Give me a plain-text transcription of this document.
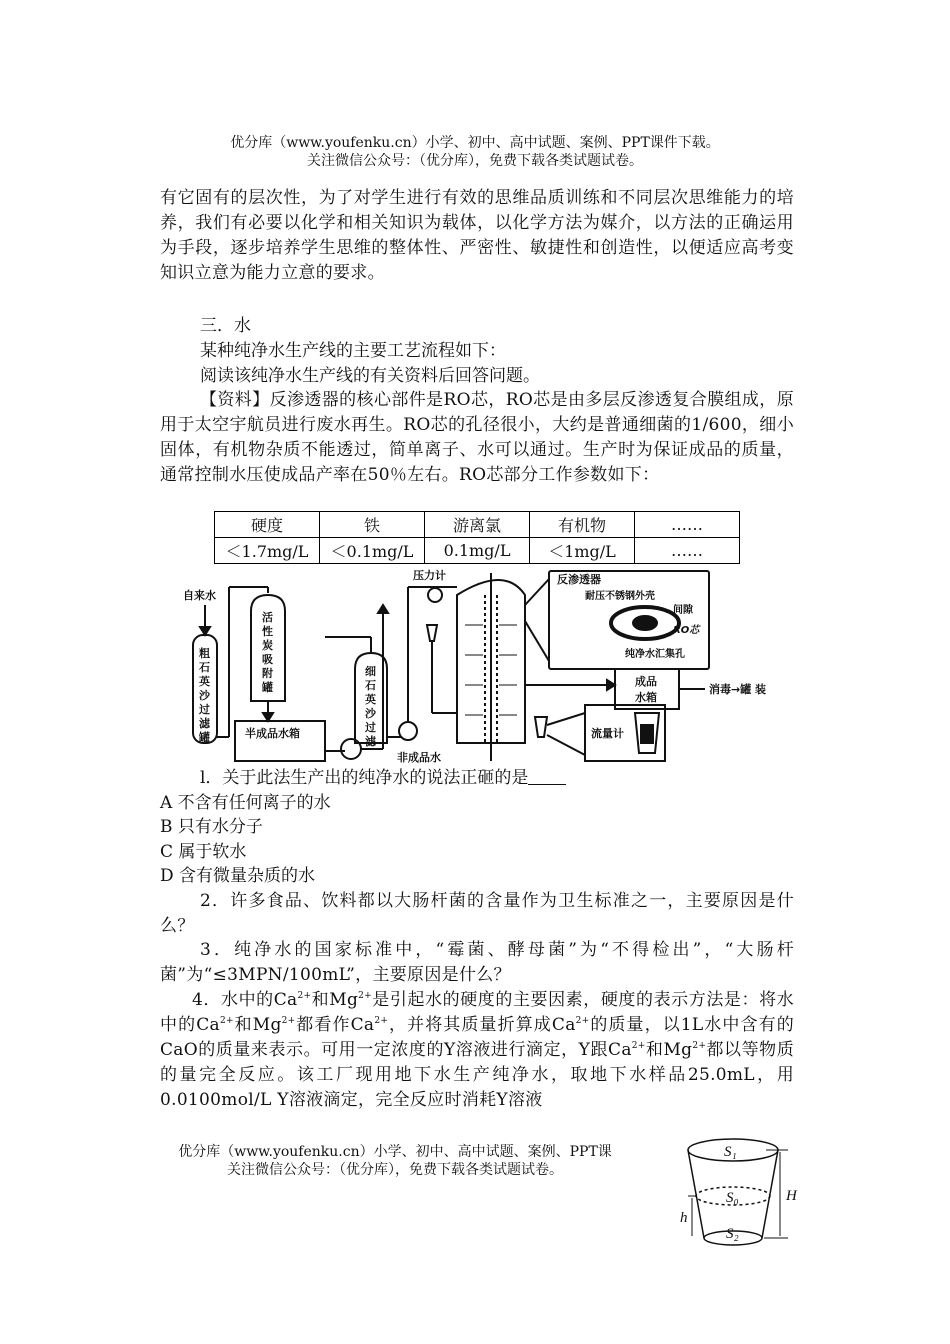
优分库（www.youfenku.cn）小学、初中、高中试题、案例、PPT课件下载。
关注微信公众号：（优分库），免费下载各类试题试卷。
有它固有的层次性，为了对学生进行有效的思维品质训练和不同层次思维能力的培养，我们有必要以化学和相关知识为载体，以化学方法为媒介，以方法的正确运用为手段，逐步培养学生思维的整体性、严密性、敏捷性和创造性，以便适应高考变知识立意为能力立意的要求。
三．水
某种纯净水生产线的主要工艺流程如下：
阅读该纯净水生产线的有关资料后回答问题。
【资料】反渗透器的核心部件是RO芯，RO芯是由多层反渗透复合膜组成，原用于太空宇航员进行废水再生。RO芯的孔径很小，大约是普通细菌的1/600，细小固体，有机物杂质不能透过，简单离子、水可以通过。生产时为保证成品的质量，通常控制水压使成品产率在50％左右。RO芯部分工作参数如下：
硬度	铁	游离氯	有机物	……
＜1.7mg/L	＜0.1mg/L	0.1mg/L	＜1mg/L	……
自来水
粗石英 沙过滤罐
活性炭 吸附罐
半成品水箱
细石英 沙过滤
压力计
非成品水
反渗透器
耐压不锈钢外壳
间隙
RO芯
纯净水汇集孔
成品水箱
消毒→罐 装
流量计
l．关于此法生产出的纯净水的说法正砸的是
A 不含有任何离子的水
B 只有水分子
C 属于软水
D 含有微量杂质的水
2．许多食品、饮料都以大肠杆菌的含量作为卫生标准之一，主要原因是什么？
3．纯净水的国家标准中，“霉菌、酵母菌”为“不得检出”，“大肠杆菌”为“≤3MPN/100mL”，主要原因是什么？
4．水中的$Ca^{2+}$和$Mg^{2+}$是引起水的硬度的主要因素，硬度的表示方法是：将水中的$Ca^{2+}$和$Mg^{2+}$都看作$Ca^{2+}$，并将其质量折算成$Ca^{2+}$的质量，以1L水中含有的CaO的质量来表示。可用一定浓度的Y溶液进行滴定，Y跟$Ca^{2+}$和$Mg^{2+}$都以等物质的量完全反应。该工厂现用地下水生产纯净水，取地下水样品25.0mL，用0.0100mol/L Y溶液滴定，完全反应时消耗Y溶液
优分库（www.youfenku.cn）小学、初中、高中试题、案例、PPT课
关注微信公众号：（优分库），免费下载各类试题试卷。
S₁
S₀
S₂
H
h
